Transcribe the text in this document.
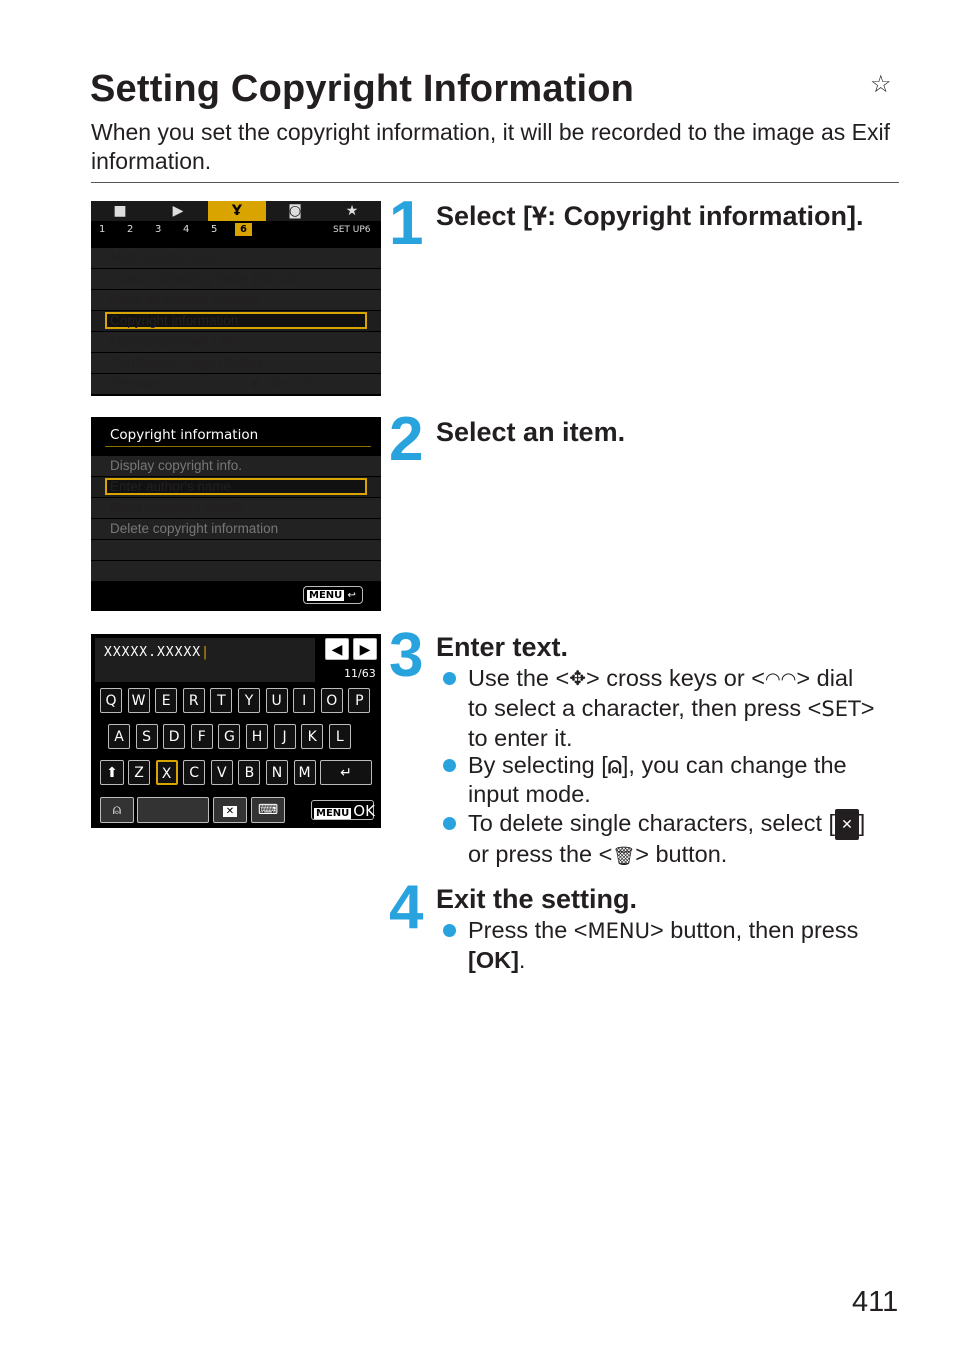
Setting Copyright Information	☆
When you set the copyright information, it will be recorded to the image as Exif information.
■	▶	Ұ	◙	★
1 2 3 4 5	6	SET UP6
Multi function lock	-
Custom shooting mode (C1-C3)
Clear all camera settings
Copyright information
Manual/software URL
Certification Logo Display
Firmware	■ Ver. 1.0.0
Copyright information
MENU ↩
Display copyright info.
Enter author's name
Enter copyright details
Delete copyright information
XXXXX.XXXXX|	◀	▶
11/63
Q	W	E	R	T	Y	U	I	O	P
A	S	D	F	G	H	J	K	L
Z	X	C	V	B	N	M
⬆	↵
⍝	✕	⌨	MENU OK
1 Select [Ұ: Copyright information].
2 Select an item.
3 Enter text.
Use the <✥> cross keys or <◠◠> dial
to select a character, then press <SET>
to enter it.
By selecting [⍝], you can change the
input mode.
To delete single characters, select [ ✕ ]
or press the <🗑> button.
4 Exit the setting.
Press the <MENU> button, then press
[OK].
411
